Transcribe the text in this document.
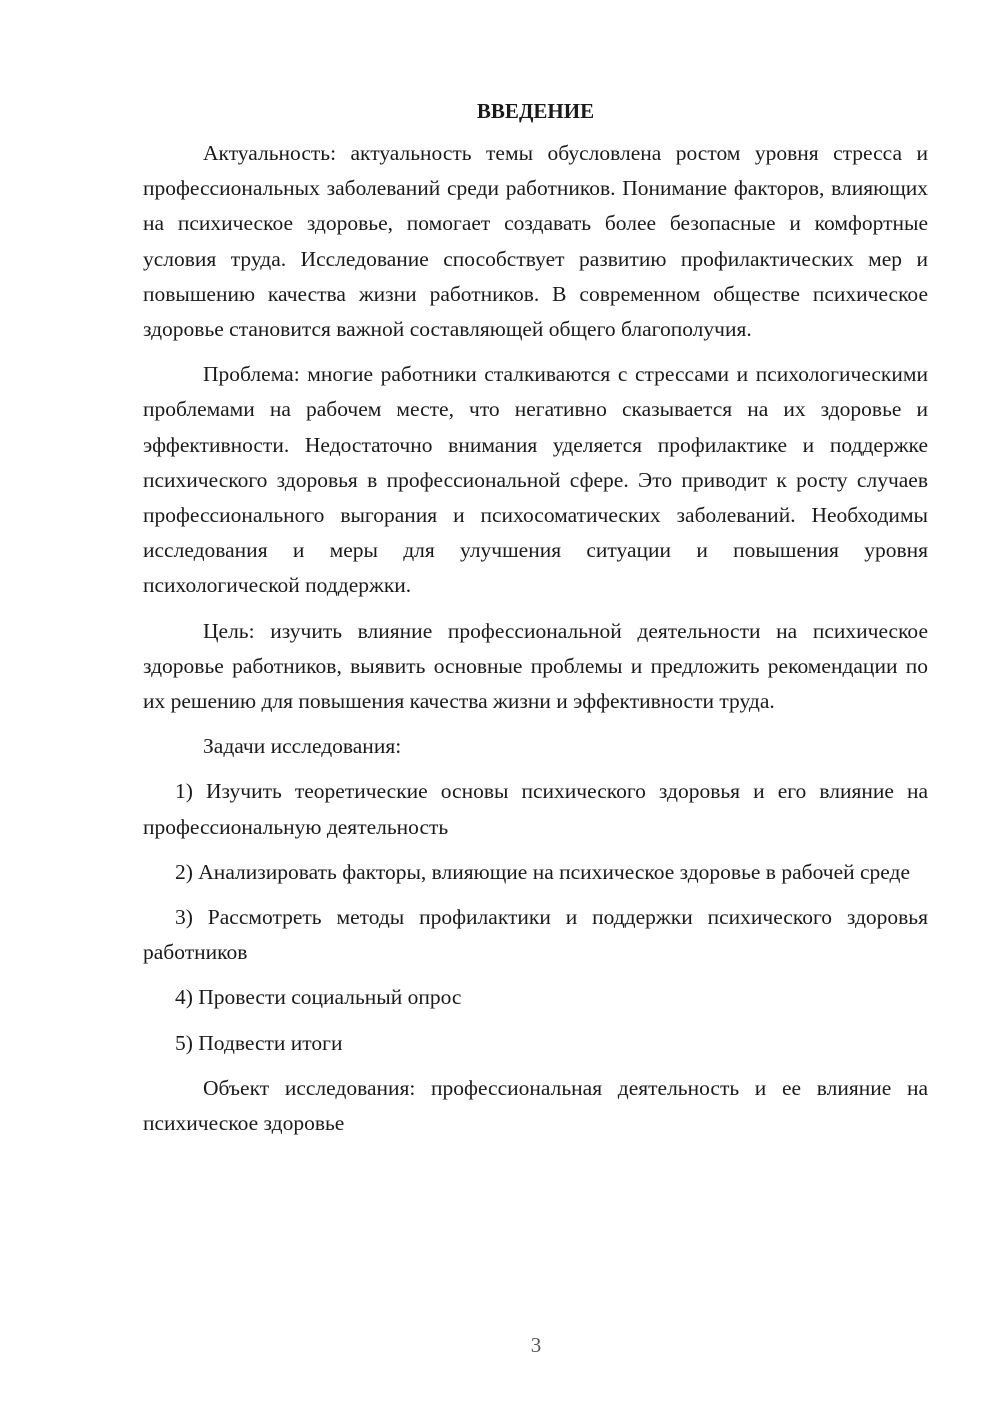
ВВЕДЕНИЕ

Актуальность: актуальность темы обусловлена ростом уровня стресса и профессиональных заболеваний среди работников. Понимание факторов, влияющих на психическое здоровье, помогает создавать более безопасные и комфортные условия труда. Исследование способствует развитию профилактических мер и повышению качества жизни работников. В современном обществе психическое здоровье становится важной составляющей общего благополучия.

Проблема: многие работники сталкиваются с стрессами и психологическими проблемами на рабочем месте, что негативно сказывается на их здоровье и эффективности. Недостаточно внимания уделяется профилактике и поддержке психического здоровья в профессиональной сфере. Это приводит к росту случаев профессионального выгорания и психосоматических заболеваний. Необходимы исследования и меры для улучшения ситуации и повышения уровня психологической поддержки.

Цель: изучить влияние профессиональной деятельности на психическое здоровье работников, выявить основные проблемы и предложить рекомендации по их решению для повышения качества жизни и эффективности труда.

Задачи исследования:

1) Изучить теоретические основы психического здоровья и его влияние на профессиональную деятельность

2) Анализировать факторы, влияющие на психическое здоровье в рабочей среде

3) Рассмотреть методы профилактики и поддержки психического здоровья работников

4) Провести социальный опрос

5) Подвести итоги

Объект исследования: профессиональная деятельность и ее влияние на психическое здоровье

3
